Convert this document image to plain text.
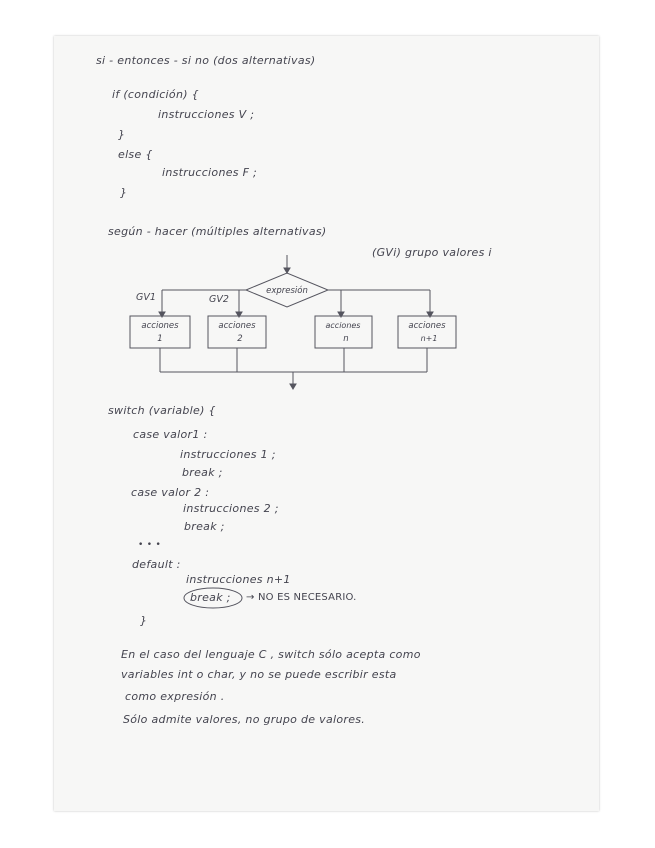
si - entonces - si no (dos alternativas)
if (condición) {
instrucciones V ;
}
else {
instrucciones F ;
}
según - hacer (múltiples alternativas)
(GVi) grupo valores i
expresión
GV1	GV2
acciones
1
acciones
2
acciones
n
acciones
n+1
switch (variable) {
case valor1 :
instrucciones 1 ;
break ;
case valor 2 :
instrucciones 2 ;
break ;
• • •
default :
instrucciones n+1
break ; → NO ES NECESARIO.
}
En el caso del lenguaje C , switch sólo acepta como
variables int o char, y no se puede escribir esta
como expresión .
Sólo admite valores, no grupo de valores.
